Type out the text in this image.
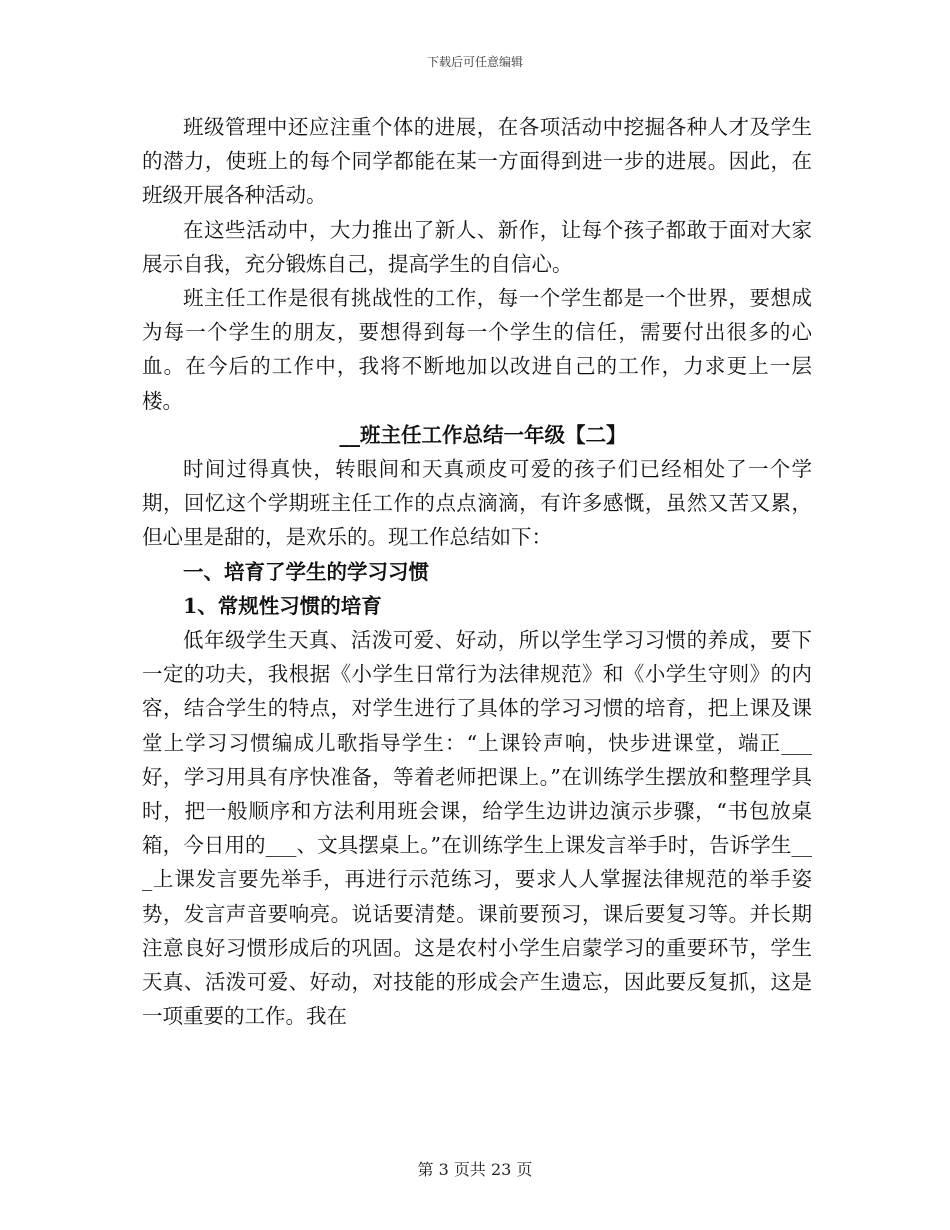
下载后可任意编辑

班级管理中还应注重个体的进展，在各项活动中挖掘各种人才及学生的潜力，使班上的每个同学都能在某一方面得到进一步的进展。因此，在班级开展各种活动。

在这些活动中，大力推出了新人、新作，让每个孩子都敢于面对大家展示自我，充分锻炼自己，提高学生的自信心。

班主任工作是很有挑战性的工作，每一个学生都是一个世界，要想成为每一个学生的朋友，要想得到每一个学生的信任，需要付出很多的心血。在今后的工作中，我将不断地加以改进自己的工作，力求更上一层楼。

__班主任工作总结一年级【二】

时间过得真快，转眼间和天真顽皮可爱的孩子们已经相处了一个学期，回忆这个学期班主任工作的点点滴滴，有许多感慨，虽然又苦又累，但心里是甜的，是欢乐的。现工作总结如下：

一、培育了学生的学习习惯

1、常规性习惯的培育

低年级学生天真、活泼可爱、好动，所以学生学习习惯的养成，要下一定的功夫，我根据《小学生日常行为法律规范》和《小学生守则》的内容，结合学生的特点，对学生进行了具体的学习习惯的培育，把上课及课堂上学习习惯编成儿歌指导学生：“上课铃声响，快步进课堂，端正___好，学习用具有序快准备，等着老师把课上。”在训练学生摆放和整理学具时，把一般顺序和方法利用班会课，给学生边讲边演示步骤，“书包放桌箱，今日用的___、文具摆桌上。”在训练学生上课发言举手时，告诉学生___上课发言要先举手，再进行示范练习，要求人人掌握法律规范的举手姿势，发言声音要响亮。说话要清楚。课前要预习，课后要复习等。并长期注意良好习惯形成后的巩固。这是农村小学生启蒙学习的重要环节，学生天真、活泼可爱、好动，对技能的形成会产生遗忘，因此要反复抓，这是一项重要的工作。我在

第 3 页共 23 页
